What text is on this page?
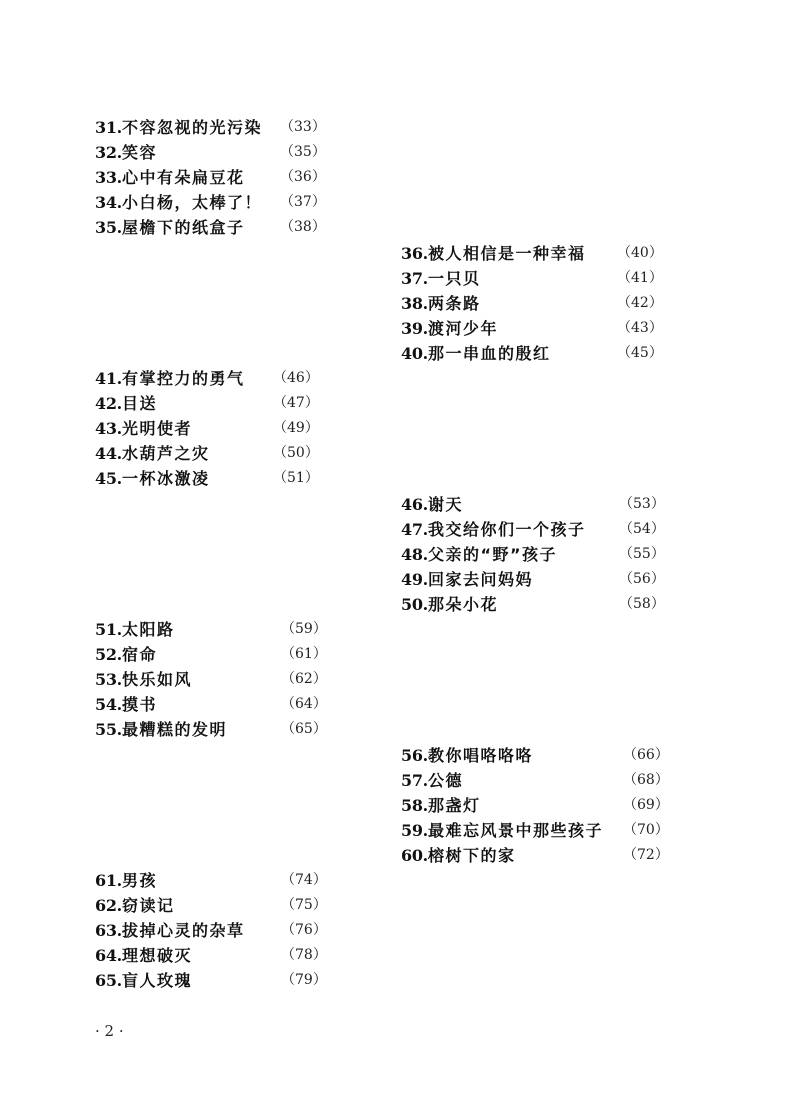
31.不容忽视的光污染 （33）
32.笑容	（35）
33.心中有朵扁豆花	（36）
34.小白杨，太棒了！ （37）
35.屋檐下的纸盒子	（38）
36.被人相信是一种幸福 （40）
37.一只贝	（41）
38.两条路	（42）
39.渡河少年	（43）
40.那一串血的殷红	（45）
41.有掌控力的勇气 （46）
42.目送	（47）
43.光明使者	（49）
44.水葫芦之灾	（50）
45.一杯冰激凌	（51）
46.谢天	（53）
47.我交给你们一个孩子 （54）
48.父亲的“野”孩子	（55）
49.回家去问妈妈	（56）
50.那朵小花	（58）
51.太阳路	（59）
52.宿命	（61）
53.快乐如风	（62）
54.摸书	（64）
55.最糟糕的发明	（65）
56.教你唱咯咯咯	（66）
57.公德	（68）
58.那盏灯	（69）
59.最难忘风景中那些孩子 （70）
60.榕树下的家	（72）
61.男孩	（74）
62.窃读记	（75）
63.拔掉心灵的杂草	（76）
64.理想破灭	（78）
65.盲人玫瑰	（79）
· 2 ·
